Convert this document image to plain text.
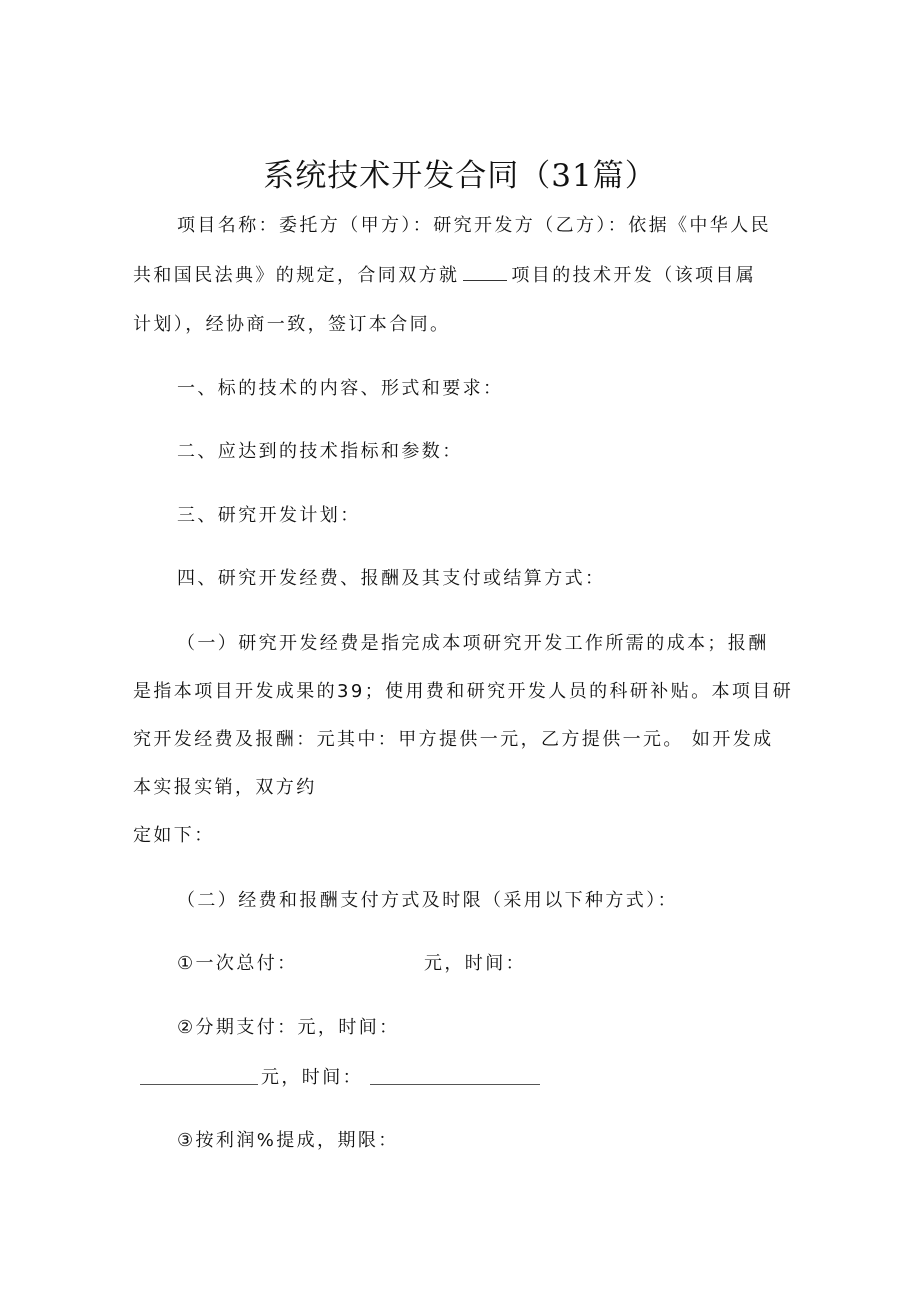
系统技术开发合同（31篇）
项目名称：委托方（甲方）：研究开发方（乙方）：依据《中华人民
共和国民法典》的规定，合同双方就	项目的技术开发（该项目属
计划），经协商一致，签订本合同。
一、标的技术的内容、形式和要求：
二、应达到的技术指标和参数：
三、研究开发计划：
四、研究开发经费、报酬及其支付或结算方式：
（一）研究开发经费是指完成本项研究开发工作所需的成本；报酬
是指本项目开发成果的39；使用费和研究开发人员的科研补贴。本项目研
究开发经费及报酬：元其中：甲方提供一元，乙方提供一元。 如开发成
本实报实销，双方约
定如下：
（二）经费和报酬支付方式及时限（采用以下种方式）：
①一次总付：	元，时间：
②分期支付：元，时间：
元，时间：
③按利润%提成，期限：
